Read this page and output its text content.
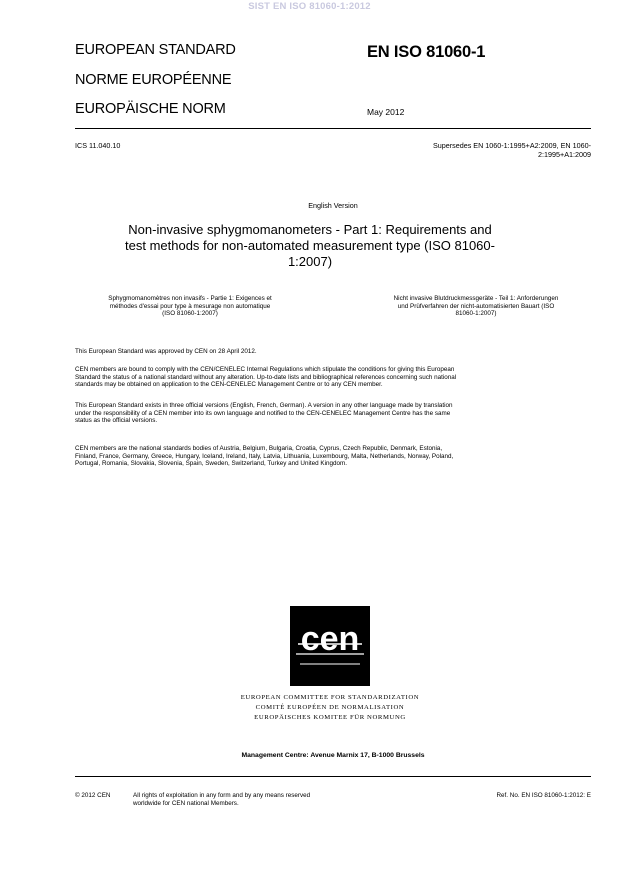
SIST EN ISO 81060-1:2012
EUROPEAN STANDARD
NORME EUROPÉENNE
EUROPÄISCHE NORM
EN ISO 81060-1
May 2012
ICS 11.040.10	Supersedes EN 1060-1:1995+A2:2009, EN 1060-
2:1995+A1:2009
English Version
Non-invasive sphygmomanometers - Part 1: Requirements and
test methods for non-automated measurement type (ISO 81060-
1:2007)
Sphygmomanomètres non invasifs - Partie 1: Exigences et
méthodes d'essai pour type à mesurage non automatique
(ISO 81060-1:2007)
Nicht invasive Blutdruckmessgeräte - Teil 1: Anforderungen
und Prüfverfahren der nicht-automatisierten Bauart (ISO
81060-1:2007)
This European Standard was approved by CEN on 28 April 2012.
CEN members are bound to comply with the CEN/CENELEC Internal Regulations which stipulate the conditions for giving this European
Standard the status of a national standard without any alteration. Up-to-date lists and bibliographical references concerning such national
standards may be obtained on application to the CEN-CENELEC Management Centre or to any CEN member.
This European Standard exists in three official versions (English, French, German). A version in any other language made by translation
under the responsibility of a CEN member into its own language and notified to the CEN-CENELEC Management Centre has the same
status as the official versions.
CEN members are the national standards bodies of Austria, Belgium, Bulgaria, Croatia, Cyprus, Czech Republic, Denmark, Estonia,
Finland, France, Germany, Greece, Hungary, Iceland, Ireland, Italy, Latvia, Lithuania, Luxembourg, Malta, Netherlands, Norway, Poland,
Portugal, Romania, Slovakia, Slovenia, Spain, Sweden, Switzerland, Turkey and United Kingdom.
cen
EUROPEAN COMMITTEE FOR STANDARDIZATION
COMITÉ EUROPÉEN DE NORMALISATION
EUROPÄISCHES KOMITEE FÜR NORMUNG
Management Centre: Avenue Marnix 17, B-1000 Brussels
© 2012 CEN	All rights of exploitation in any form and by any means reserved
worldwide for CEN national Members.
Ref. No. EN ISO 81060-1:2012: E
